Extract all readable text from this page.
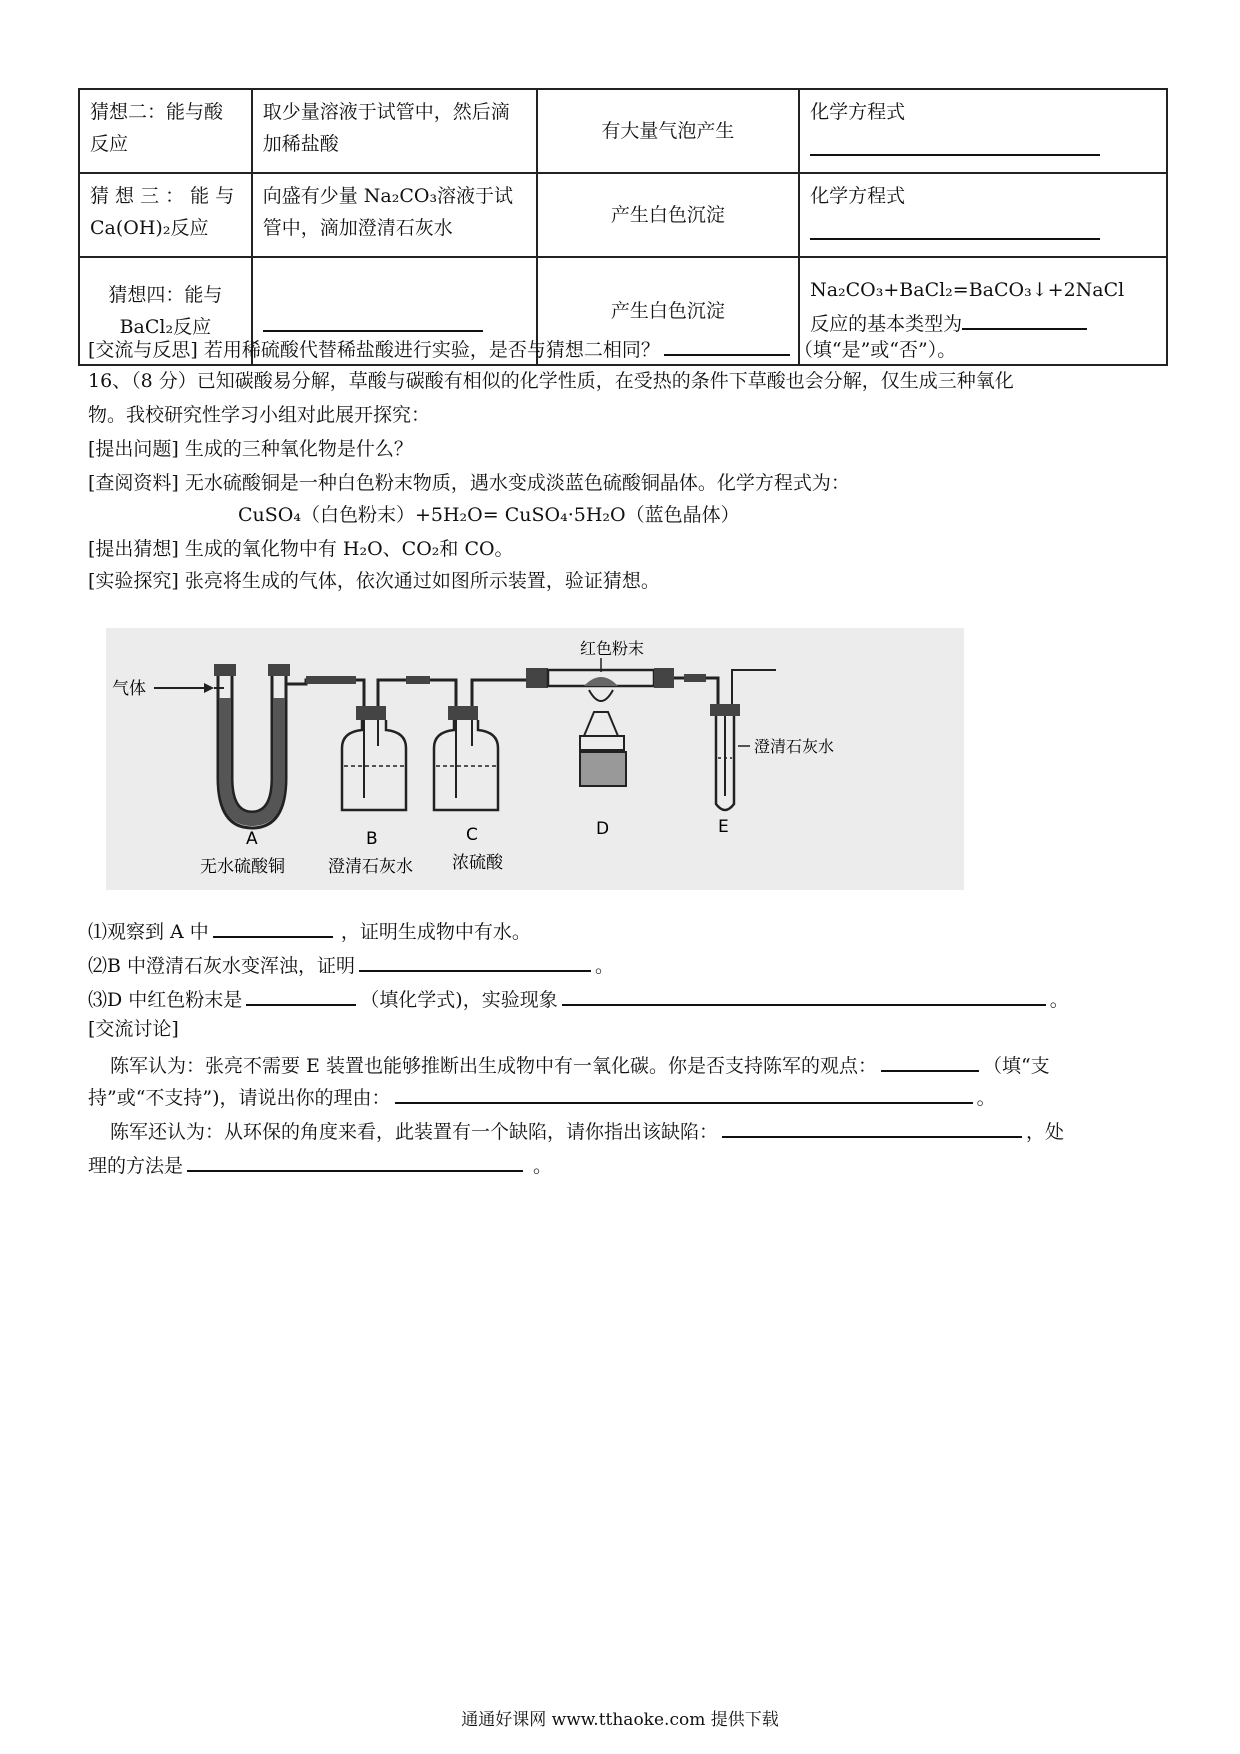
猜想二：能与酸反应	取少量溶液于试管中，然后滴加稀盐酸	有大量气泡产生	化学方程式

猜 想 三 ： 能 与Ca(OH)₂反应	向盛有少量 Na₂CO₃溶液于试管中，滴加澄清石灰水	产生白色沉淀	化学方程式

猜想四：能与BaCl₂反应		产生白色沉淀	Na₂CO₃+BaCl₂=BaCO₃↓+2NaCl
反应的基本类型为
[交流与反思] 若用稀硫酸代替稀盐酸进行实验，是否与猜想二相同？	（填“是”或“否”）。
16、（8 分）已知碳酸易分解，草酸与碳酸有相似的化学性质，在受热的条件下草酸也会分解，仅生成三种氧化
物。我校研究性学习小组对此展开探究：
[提出问题] 生成的三种氧化物是什么？
[查阅资料] 无水硫酸铜是一种白色粉末物质，遇水变成淡蓝色硫酸铜晶体。化学方程式为：
CuSO₄（白色粉末）+5H₂O= CuSO₄·5H₂O（蓝色晶体）
[提出猜想] 生成的氧化物中有 H₂O、CO₂和 CO。
[实验探究] 张亮将生成的气体，依次通过如图所示装置，验证猜想。
气体
红色粉末
澄清石灰水
A	B	C	D	E
无水硫酸铜	澄清石灰水 浓硫酸
⑴观察到 A 中	，证明生成物中有水。
⑵B 中澄清石灰水变浑浊，证明	。
⑶D 中红色粉末是	（填化学式)，实验现象	。
[交流讨论]
陈军认为：张亮不需要 E 装置也能够推断出生成物中有一氧化碳。你是否支持陈军的观点：	（填“支
持”或“不支持”)，请说出你的理由：	。
陈军还认为：从环保的角度来看，此装置有一个缺陷，请你指出该缺陷：	，处
理的方法是	。
通通好课网 www.tthaoke.com 提供下载
